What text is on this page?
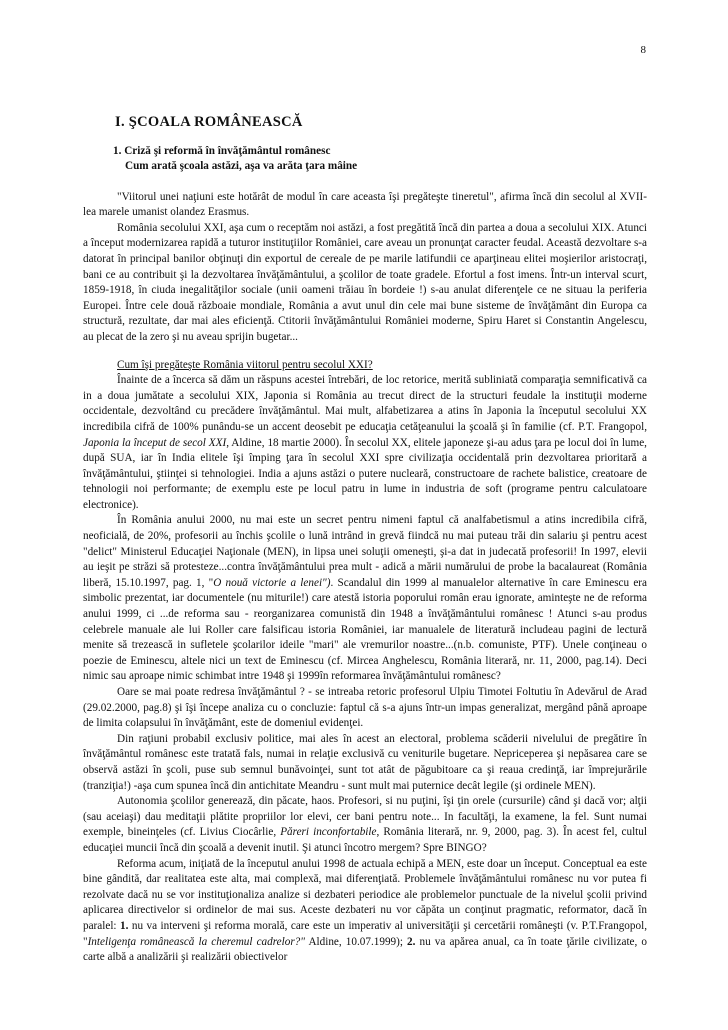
8
I. ŞCOALA ROMÂNEASCĂ
1. Criză şi reformă în învăţământul românesc
Cum arată şcoala astăzi, aşa va arăta ţara mâine

"Viitorul unei naţiuni este hotărât de modul în care aceasta îşi pregăteşte tineretul", afirma încă din secolul al XVII-lea marele umanist olandez Erasmus.

România secolului XXI, aşa cum o receptăm noi astăzi, a fost pregătită încă din partea a doua a secolului XIX. Atunci a început modernizarea rapidă a tuturor instituţiilor României, care aveau un pronunţat caracter feudal. Această dezvoltare s-a datorat în principal banilor obţinuţi din exportul de cereale de pe marile latifundii ce aparţineau elitei moşierilor aristocraţi, bani ce au contribuit şi la dezvoltarea învăţământului, a şcolilor de toate gradele. Efortul a fost imens. Într-un interval scurt, 1859-1918, în ciuda inegalităţilor sociale (unii oameni trăiau în bordeie !) s-au anulat diferenţele ce ne situau la periferia Europei. Între cele două războaie mondiale, România a avut unul din cele mai bune sisteme de învăţământ din Europa ca structură, rezultate, dar mai ales eficienţă. Ctitorii învăţământului României moderne, Spiru Haret si Constantin Angelescu, au plecat de la zero şi nu aveau sprijin bugetar...

Cum îşi pregăteşte România viitorul pentru secolul XXI?

Înainte de a încerca să dăm un răspuns acestei întrebări, de loc retorice, merită subliniată comparaţia semnificativă ca in a doua jumătate a secolului XIX, Japonia si România au trecut direct de la structuri feudale la instituţii moderne occidentale, dezvoltând cu precădere învăţământul. Mai mult, alfabetizarea a atins în Japonia la începutul secolului XX incredibila cifră de 100% punându-se un accent deosebit pe educaţia cetăţeanului la şcoală şi în familie (cf. P.T. Frangopol, Japonia la început de secol XXI, Aldine, 18 martie 2000). În secolul XX, elitele japoneze şi-au adus ţara pe locul doi în lume, după SUA, iar în India elitele îşi împing ţara în secolul XXI spre civilizaţia occidentală prin dezvoltarea prioritară a învăţământului, ştiinţei si tehnologiei. India a ajuns astăzi o putere nucleară, constructoare de rachete balistice, creatoare de tehnologii noi performante; de exemplu este pe locul patru in lume in industria de soft (programe pentru calculatoare electronice).

În România anului 2000, nu mai este un secret pentru nimeni faptul că analfabetismul a atins incredibila cifră, neoficială, de 20%, profesorii au închis şcolile o lună intrând in grevă fiindcă nu mai puteau trăi din salariu şi pentru acest "delict" Ministerul Educaţiei Naţionale (MEN), in lipsa unei soluţii omeneşti, şi-a dat in judecată profesorii! In 1997, elevii au ieşit pe străzi să protesteze...contra învăţământului prea mult - adică a mării numărului de probe la bacalaureat (România liberă, 15.10.1997, pag. 1, "O nouă victorie a lenei"). Scandalul din 1999 al manualelor alternative în care Eminescu era simbolic prezentat, iar documentele (nu miturile!) care atestă istoria poporului român erau ignorate, aminteşte ne de reforma anului 1999, ci ...de reforma sau - reorganizarea comunistă din 1948 a învăţământului românesc ! Atunci s-au produs celebrele manuale ale lui Roller care falsificau istoria României, iar manualele de literatură includeau pagini de lectură menite să trezească in sufletele şcolarilor ideile "mari" ale vremurilor noastre...(n.b. comuniste, PTF). Unele conţineau o poezie de Eminescu, altele nici un text de Eminescu (cf. Mircea Anghelescu, România literară, nr. 11, 2000, pag.14). Deci nimic sau aproape nimic schimbat intre 1948 şi 1999în reformarea învăţământului românesc?

Oare se mai poate redresa învăţământul ? - se intreaba retoric profesorul Ulpiu Timotei Foltutiu în Adevărul de Arad (29.02.2000, pag.8) şi îşi începe analiza cu o concluzie: faptul că s-a ajuns într-un impas generalizat, mergând până aproape de limita colapsului în învăţământ, este de domeniul evidenţei.

Din raţiuni probabil exclusiv politice, mai ales în acest an electoral, problema scăderii nivelului de pregătire în învăţământul românesc este tratată fals, numai in relaţie exclusivă cu veniturile bugetare. Nepriceperea şi nepăsarea care se observă astăzi în şcoli, puse sub semnul bunăvoinţei, sunt tot atât de păgubitoare ca şi reaua credinţă, iar împrejurările (tranziţia!) -aşa cum spunea încă din antichitate Meandru - sunt mult mai puternice decât legile (şi ordinele MEN).

Autonomia şcolilor generează, din păcate, haos. Profesori, si nu puţini, îşi ţin orele (cursurile) când şi dacă vor; alţii (sau aceiaşi) dau meditaţii plătite propriilor lor elevi, cer bani pentru note... In facultăţi, la examene, la fel. Sunt numai exemple, bineinţeles (cf. Livius Ciocârlie, Păreri inconfortabile, România literară, nr. 9, 2000, pag. 3). În acest fel, cultul educaţiei muncii încă din şcoală a devenit inutil. Şi atunci încotro mergem? Spre BINGO?

Reforma acum, iniţiată de la începutul anului 1998 de actuala echipă a MEN, este doar un început. Conceptual ea este bine gândită, dar realitatea este alta, mai complexă, mai diferenţiată. Problemele învăţământului românesc nu vor putea fi rezolvate dacă nu se vor instituţionaliza analize si dezbateri periodice ale problemelor punctuale de la nivelul şcolii privind aplicarea directivelor si ordinelor de mai sus. Aceste dezbateri nu vor căpăta un conţinut pragmatic, reformator, dacă în paralel: 1. nu va interveni şi reforma morală, care este un imperativ al universităţii şi cercetării româneşti (v. P.T.Frangopol, "Inteligenţa românească la cheremul cadrelor?" Aldine, 10.07.1999); 2. nu va apărea anual, ca în toate ţările civilizate, o carte albă a analizării şi realizării obiectivelor
